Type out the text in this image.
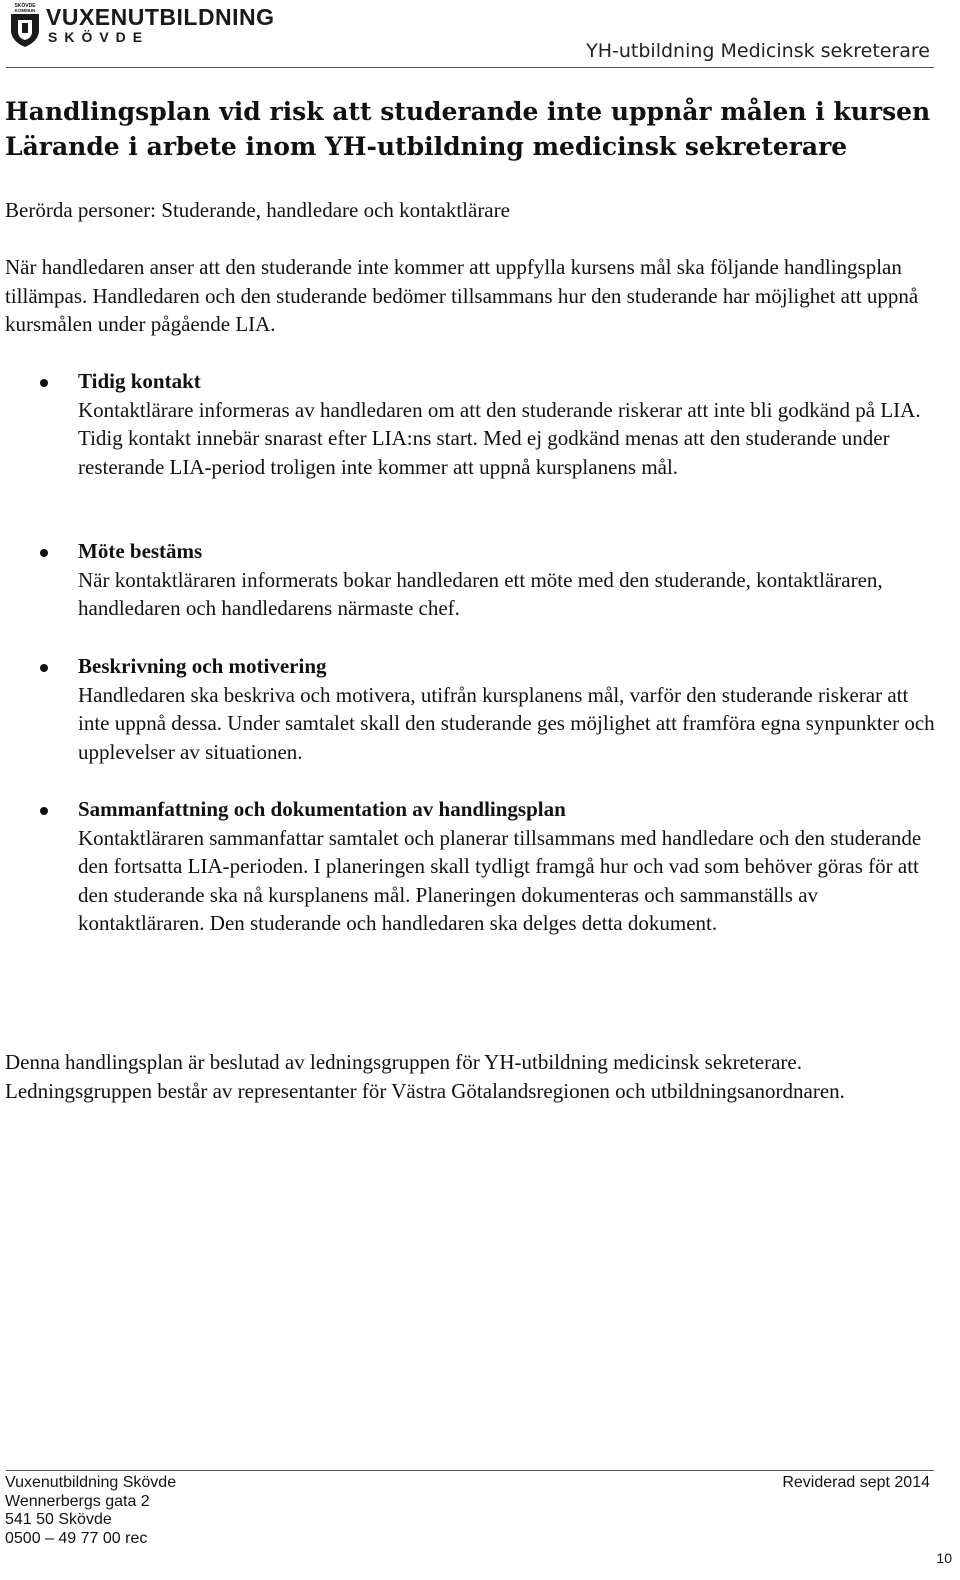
SKÖVDE
KOMMUN VUXENUTBILDNING
SKÖVDE
YH-utbildning Medicinsk sekreterare
Handlingsplan vid risk att studerande inte uppnår målen i kursen
Lärande i arbete inom YH-utbildning medicinsk sekreterare
Berörda personer: Studerande, handledare och kontaktlärare
När handledaren anser att den studerande inte kommer att uppfylla kursens mål ska följande handlingsplan tillämpas. Handledaren och den studerande bedömer tillsammans hur den studerande har möjlighet att uppnå kursmålen under pågående LIA.
Tidig kontakt
Kontaktlärare informeras av handledaren om att den studerande riskerar att inte bli godkänd på LIA. Tidig kontakt innebär snarast efter LIA:ns start. Med ej godkänd menas att den studerande under resterande LIA-period troligen inte kommer att uppnå kursplanens mål.
Möte bestäms
När kontaktläraren informerats bokar handledaren ett möte med den studerande, kontaktläraren, handledaren och handledarens närmaste chef.
Beskrivning och motivering
Handledaren ska beskriva och motivera, utifrån kursplanens mål, varför den studerande riskerar att inte uppnå dessa. Under samtalet skall den studerande ges möjlighet att framföra egna synpunkter och upplevelser av situationen.
Sammanfattning och dokumentation av handlingsplan
Kontaktläraren sammanfattar samtalet och planerar tillsammans med handledare och den studerande den fortsatta LIA-perioden. I planeringen skall tydligt framgå hur och vad som behöver göras för att den studerande ska nå kursplanens mål. Planeringen dokumenteras och sammanställs av kontaktläraren. Den studerande och handledaren ska delges detta dokument.
Denna handlingsplan är beslutad av ledningsgruppen för YH-utbildning medicinsk sekreterare. Ledningsgruppen består av representanter för Västra Götalandsregionen och utbildningsanordnaren.
Vuxenutbildning Skövde
Wennerbergs gata 2
541 50 Skövde
0500 – 49 77 00 rec
Reviderad sept 2014
10
